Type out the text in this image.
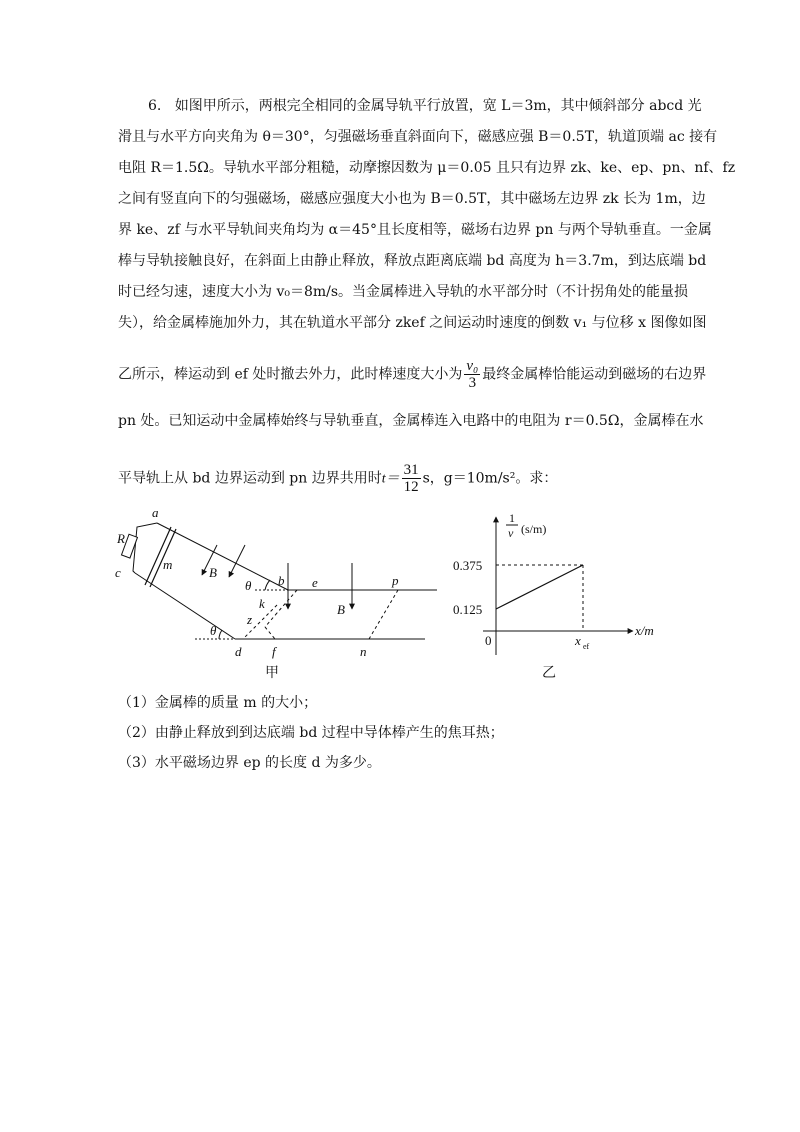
6. 如图甲所示，两根完全相同的金属导轨平行放置，宽 L＝3m，其中倾斜部分 abcd 光
滑且与水平方向夹角为 θ＝30°，匀强磁场垂直斜面向下，磁感应强 B＝0.5T，轨道顶端 ac 接有
电阻 R＝1.5Ω。导轨水平部分粗糙，动摩擦因数为 μ＝0.05 且只有边界 zk、ke、ep、pn、nf、fz
之间有竖直向下的匀强磁场，磁感应强度大小也为 B＝0.5T，其中磁场左边界 zk 长为 1m，边
界 ke、zf 与水平导轨间夹角均为 α＝45°且长度相等，磁场右边界 pn 与两个导轨垂直。一金属
棒与导轨接触良好，在斜面上由静止释放，释放点距离底端 bd 高度为 h＝3.7m，到达底端 bd
时已经匀速，速度大小为 v₀＝8m/s。当金属棒进入导轨的水平部分时（不计拐角处的能量损
失），给金属棒施加外力，其在轨道水平部分 zkef 之间运动时速度的倒数 v₁ 与位移 x 图像如图
乙所示，棒运动到 ef 处时撤去外力，此时棒速度大小为 $\frac{\text{v₀}}{3}$ 最终金属棒恰能运动到磁场的右边界
pn 处。已知运动中金属棒始终与导轨垂直，金属棒连入电路中的电阻为 r＝0.5Ω，金属棒在水
平导轨上从 bd 边界运动到 pn 边界共用时$t= \frac{31}{12}$ s，g＝10m/s²。求：
a
c
R
m
B
θ b e	p
k	B
z
θ
d f	n
甲
1
v (s/m)
0.375
0.125
0	x ef
x/m
乙
（1）金属棒的质量 m 的大小；
（2）由静止释放到到达底端 bd 过程中导体棒产生的焦耳热；
（3）水平磁场边界 ep 的长度 d 为多少。
